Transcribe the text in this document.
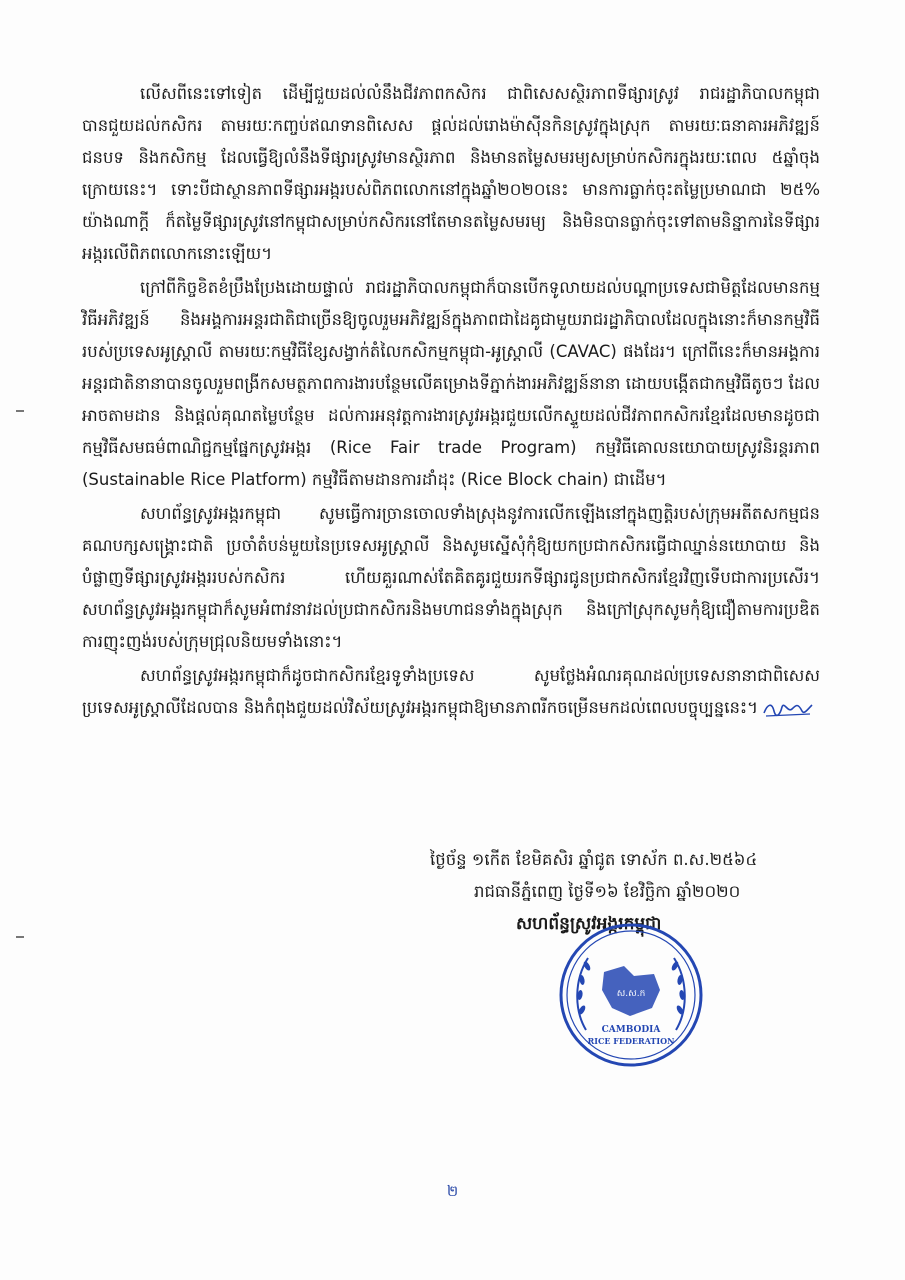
លើសពីនេះទៅទៀត ដើម្បីជួយដល់លំនឹងជីវភាពកសិករ ជាពិសេសស្ថិរភាពទីផ្សារស្រូវ រាជរដ្ឋាភិបាលកម្ពុជាបានជួយដល់កសិករ តាមរយៈកញ្ចប់ឥណទានពិសេស ផ្តល់ដល់រោងម៉ាស៊ីនកិនស្រូវក្នុងស្រុក តាមរយៈធនាគារអភិវឌ្ឍន៍ជនបទ និងកសិកម្ម ដែលធ្វើឱ្យលំនឹងទីផ្សារស្រូវមានស្ថិរភាព និងមានតម្លៃសមរម្យសម្រាប់កសិករក្នុងរយៈពេល ៥ឆ្នាំចុងក្រោយនេះ។ ទោះបីជាស្ថានភាពទីផ្សារអង្ករបស់ពិភពលោកនៅក្នុងឆ្នាំ២០២០នេះ មានការធ្លាក់ចុះតម្លៃប្រមាណជា ២៥% យ៉ាងណាក្តី ក៏តម្លៃទីផ្សារស្រូវនៅកម្ពុជាសម្រាប់កសិករនៅតែមានតម្លៃសមរម្យ និងមិនបានធ្លាក់ចុះទៅតាមនិន្នាការនៃទីផ្សារអង្ករលើពិភពលោកនោះឡើយ។

ក្រៅពីកិច្ចខិតខំប្រឹងប្រែងដោយផ្ទាល់ រាជរដ្ឋាភិបាលកម្ពុជាក៏បានបើកទូលាយដល់បណ្តាប្រទេសជាមិត្តដែលមានកម្មវិធីអភិវឌ្ឍន៍ និងអង្គការអន្តរជាតិជាច្រើនឱ្យចូលរួមអភិវឌ្ឍន៍ក្នុងភាពជាដៃគូជាមួយរាជរដ្ឋាភិបាលដែលក្នុងនោះក៏មានកម្មវិធីរបស់ប្រទេសអូស្ត្រាលី តាមរយៈកម្មវិធីខ្សែសង្វាក់តំលៃកសិកម្មកម្ពុជា-អូស្ត្រាលី (CAVAC) ផងដែរ។ ក្រៅពីនេះក៏មានអង្គការអន្តរជាតិនានាបានចូលរួមពង្រីកសមត្ថភាពការងារបន្ថែមលើគម្រោងទីភ្នាក់ងារអភិវឌ្ឍន៍នានា ដោយបង្កើតជាកម្មវិធីតូចៗ ដែលអាចតាមដាន និងផ្តល់គុណតម្លៃបន្ថែម ដល់ការអនុវត្តការងារស្រូវអង្ករជួយលើកស្ទួយដល់ជីវភាពកសិករខ្មែរដែលមានដូចជា កម្មវិធីសមធម៌ពាណិជ្ជកម្មផ្នែកស្រូវអង្ករ (Rice Fair trade Program) កម្មវិធីគោលនយោបាយស្រូវនិរន្តរភាព (Sustainable Rice Platform) កម្មវិធីតាមដានការដាំដុះ (Rice Block chain) ជាដើម។

សហព័ន្ធស្រូវអង្ករកម្ពុជា សូមធ្វើការច្រានចោលទាំងស្រុងនូវការលើកឡើងនៅក្នុងញត្តិរបស់ក្រុមអតីតសកម្មជនគណបក្សសង្គ្រោះជាតិ ប្រចាំតំបន់មួយនៃប្រទេសអូស្ត្រាលី និងសូមស្នើសុំកុំឱ្យយកប្រជាកសិករធ្វើជាឈ្នាន់នយោបាយ និងបំផ្លាញទីផ្សារស្រូវអង្កររបស់កសិករ ហើយគួរណាស់តែគិតគូរជួយរកទីផ្សារជូនប្រជាកសិករខ្មែរវិញទើបជាការប្រសើរ។ សហព័ន្ធស្រូវអង្ករកម្ពុជាក៏សូមអំពាវនាវដល់ប្រជាកសិករនិងមហាជនទាំងក្នុងស្រុក និងក្រៅស្រុកសូមកុំឱ្យជឿតាមការប្រឌិត ការញុះញង់របស់ក្រុមជ្រុលនិយមទាំងនោះ។

សហព័ន្ធស្រូវអង្ករកម្ពុជាក៏ដូចជាកសិករខ្មែរទូទាំងប្រទេស សូមថ្លែងអំណរគុណដល់ប្រទេសនានាជាពិសេសប្រទេសអូស្ត្រាលីដែលបាន និងកំពុងជួយដល់វិស័យស្រូវអង្ករកម្ពុជាឱ្យមានភាពរីកចម្រើនមកដល់ពេលបច្ចុប្បន្ននេះ។

ថ្ងៃច័ន្ទ ១កើត ខែមិគសិរ ឆ្នាំជូត ទោស័ក ព.ស.២៥៦៤
រាជធានីភ្នំពេញ ថ្ងៃទី១៦ ខែវិច្ឆិកា ឆ្នាំ២០២០
សហព័ន្ធស្រូវអង្ករកម្ពុជា
ស.ស.ក
CAMBODIA
RICE FEDERATION
២
